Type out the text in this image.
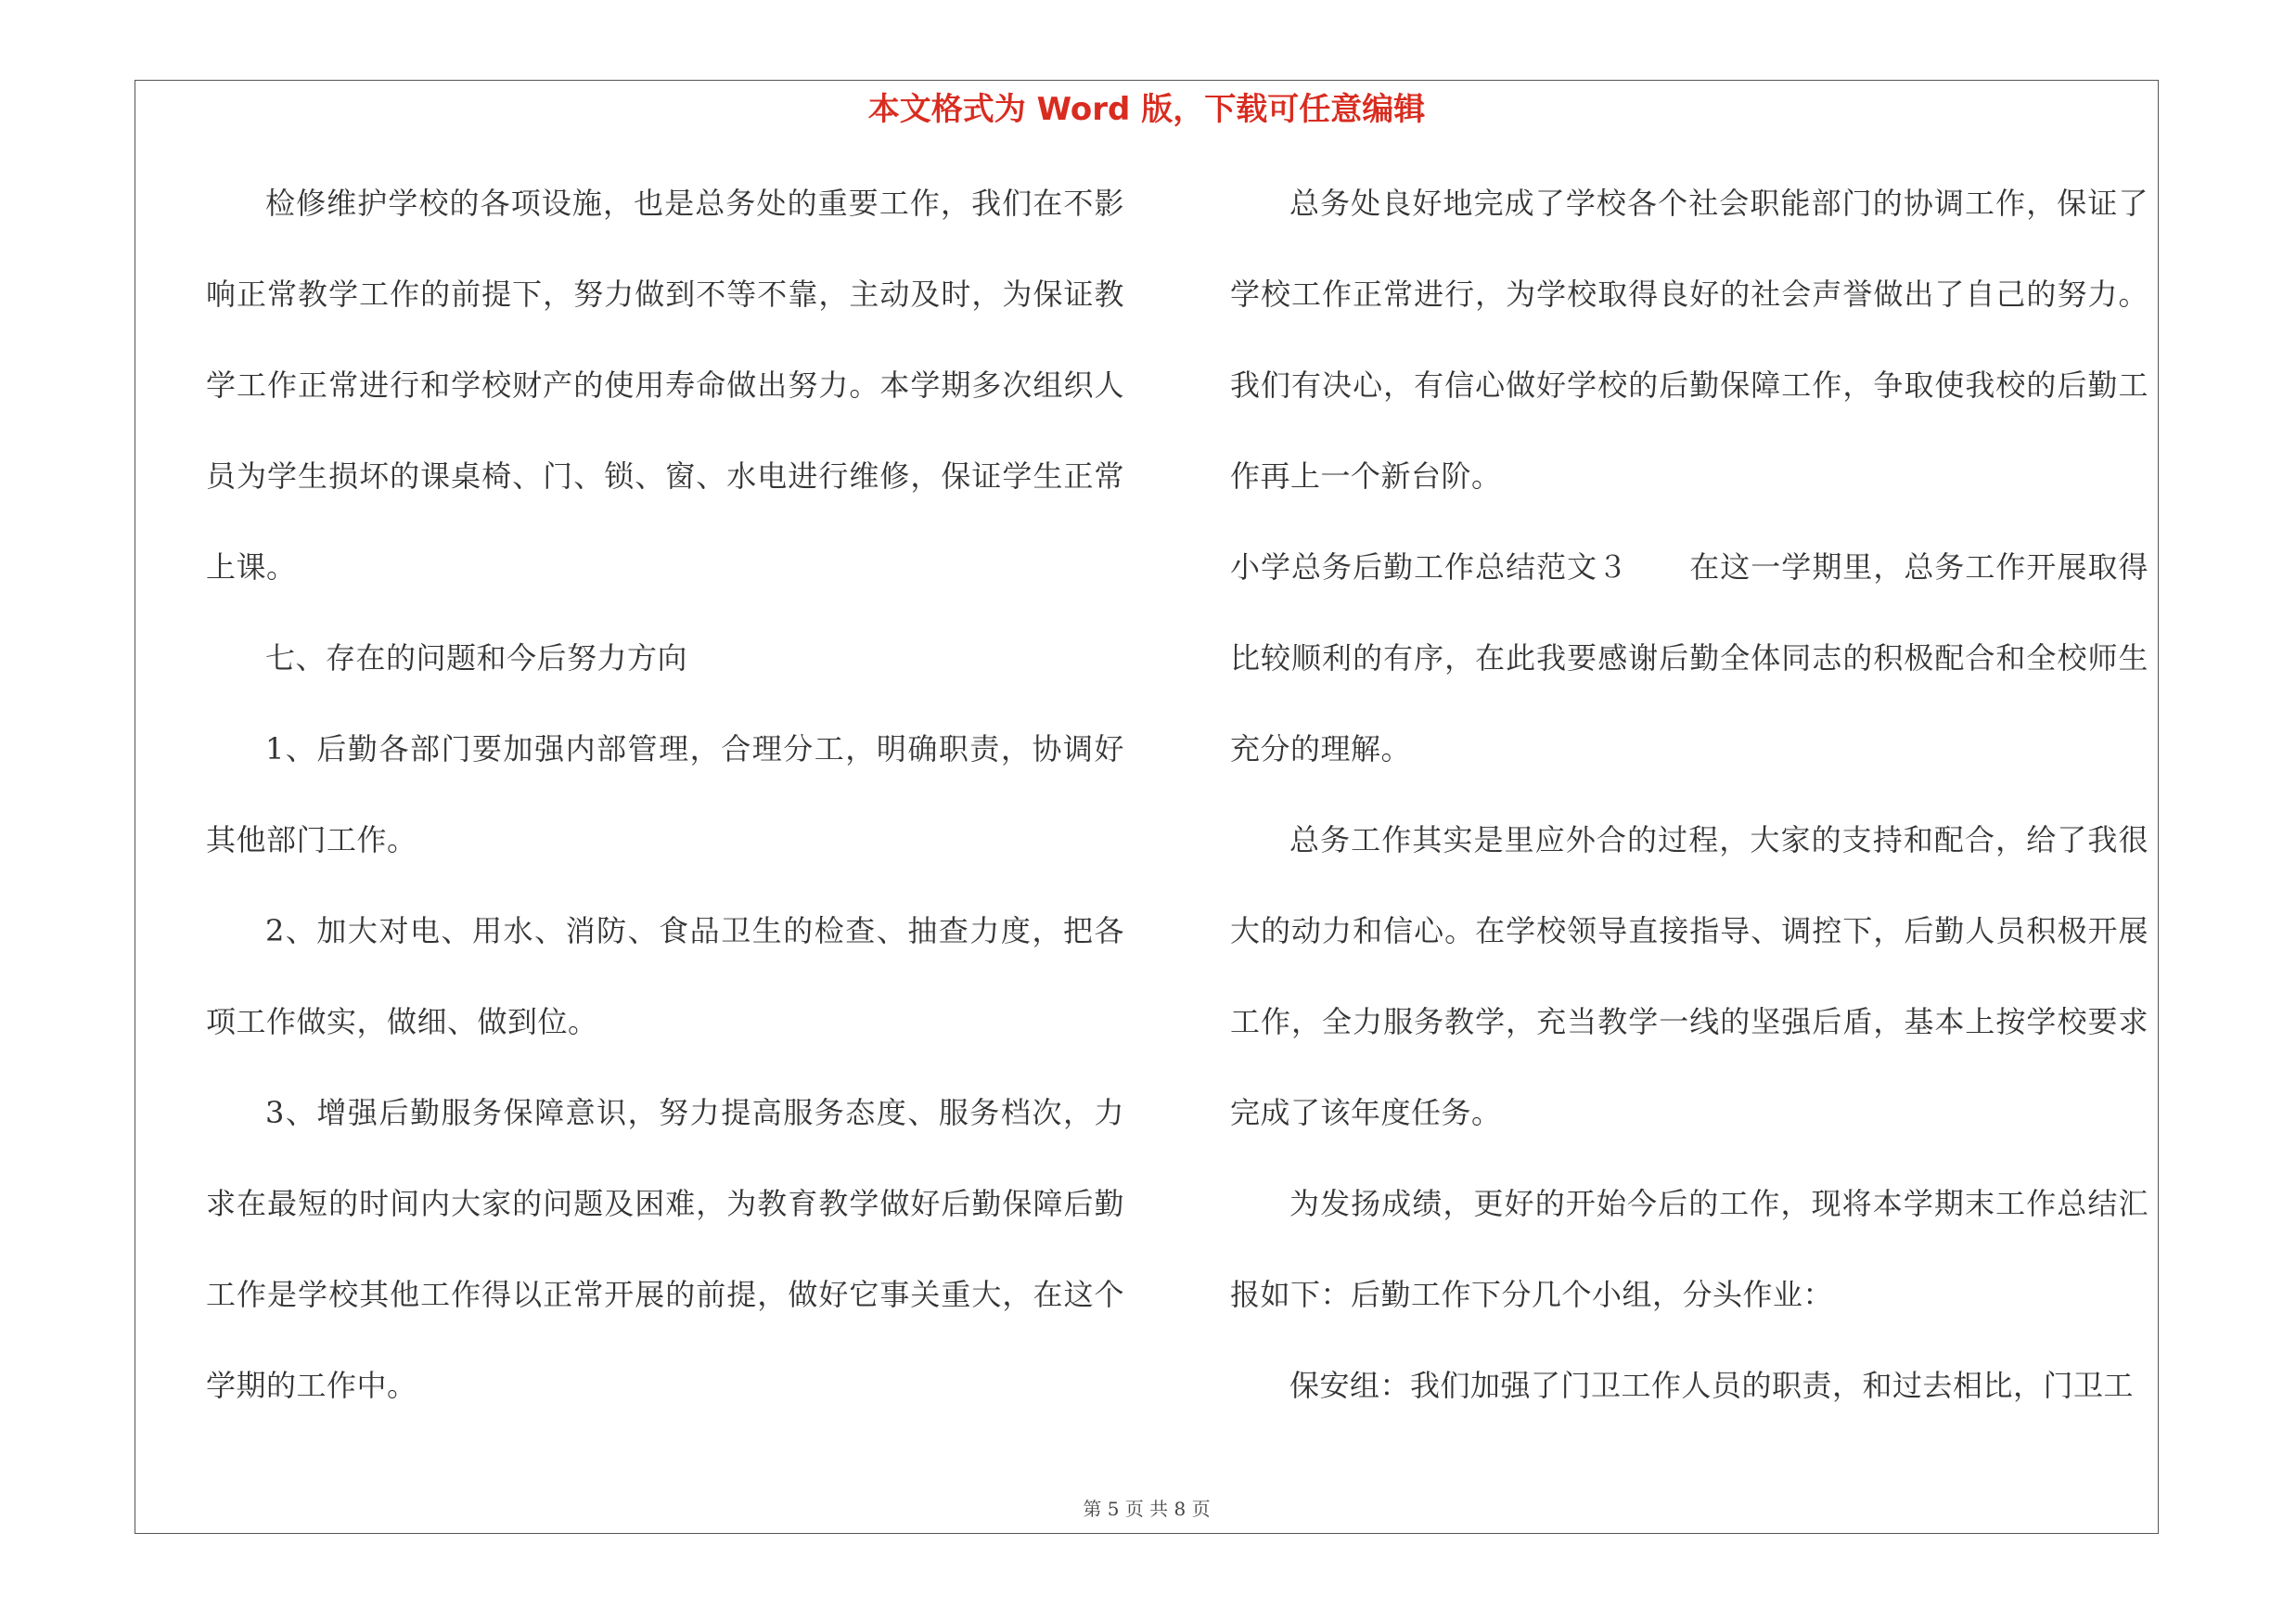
本文格式为 Word 版，下载可任意编辑

检修维护学校的各项设施，也是总务处的重要工作，我们在不影响正常教学工作的前提下，努力做到不等不靠，主动及时，为保证教学工作正常进行和学校财产的使用寿命做出努力。本学期多次组织人员为学生损坏的课桌椅、门、锁、窗、水电进行维修，保证学生正常上课。

七、存在的问题和今后努力方向

1、后勤各部门要加强内部管理，合理分工，明确职责，协调好其他部门工作。

2、加大对电、用水、消防、食品卫生的检查、抽查力度，把各项工作做实，做细、做到位。

3、增强后勤服务保障意识，努力提高服务态度、服务档次，力求在最短的时间内大家的问题及困难，为教育教学做好后勤保障后勤工作是学校其他工作得以正常开展的前提，做好它事关重大，在这个学期的工作中。

总务处良好地完成了学校各个社会职能部门的协调工作，保证了学校工作正常进行，为学校取得良好的社会声誉做出了自己的努力。我们有决心，有信心做好学校的后勤保障工作，争取使我校的后勤工作再上一个新台阶。

小学总务后勤工作总结范文３　　在这一学期里，总务工作开展取得比较顺利的有序，在此我要感谢后勤全体同志的积极配合和全校师生充分的理解。

总务工作其实是里应外合的过程，大家的支持和配合，给了我很大的动力和信心。在学校领导直接指导、调控下，后勤人员积极开展工作，全力服务教学，充当教学一线的坚强后盾，基本上按学校要求完成了该年度任务。

为发扬成绩，更好的开始今后的工作，现将本学期末工作总结汇报如下：后勤工作下分几个小组，分头作业：

保安组：我们加强了门卫工作人员的职责，和过去相比，门卫工

第 5 页 共 8 页
